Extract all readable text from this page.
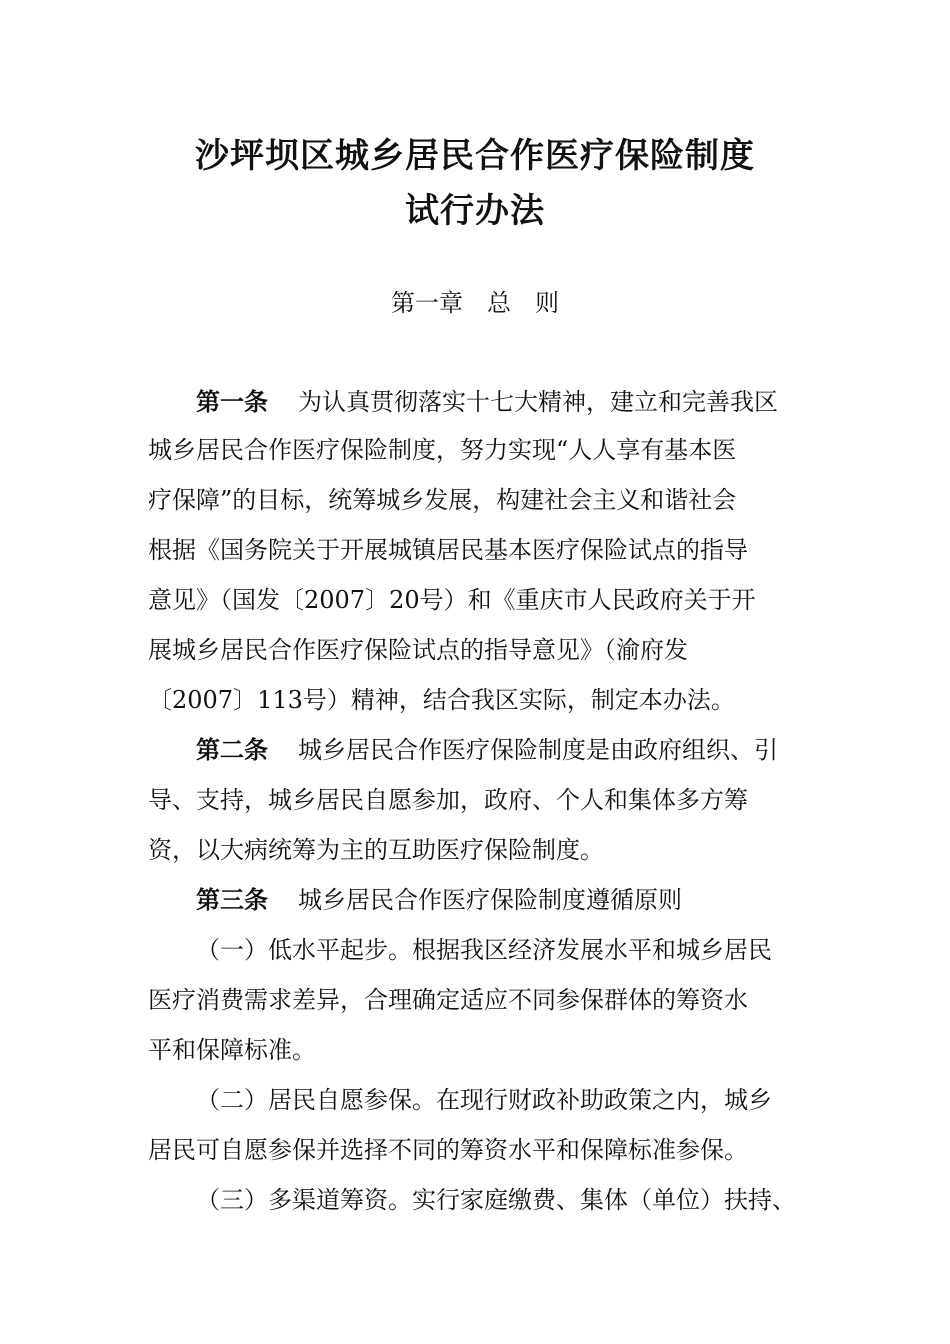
沙坪坝区城乡居民合作医疗保险制度
试行办法
第一章　总　则
第一条 为认真贯彻落实十七大精神，建立和完善我区
城乡居民合作医疗保险制度，努力实现“人人享有基本医
疗保障”的目标，统筹城乡发展，构建社会主义和谐社会
根据《国务院关于开展城镇居民基本医疗保险试点的指导
意见》（国发〔2007〕20号）和《重庆市人民政府关于开
展城乡居民合作医疗保险试点的指导意见》（渝府发
〔2007〕113号）精神，结合我区实际，制定本办法。
第二条 城乡居民合作医疗保险制度是由政府组织、引
导、支持，城乡居民自愿参加，政府、个人和集体多方筹
资，以大病统筹为主的互助医疗保险制度。
第三条 城乡居民合作医疗保险制度遵循原则
（一）低水平起步。根据我区经济发展水平和城乡居民
医疗消费需求差异，合理确定适应不同参保群体的筹资水
平和保障标准。
（二）居民自愿参保。在现行财政补助政策之内，城乡
居民可自愿参保并选择不同的筹资水平和保障标准参保。
（三）多渠道筹资。实行家庭缴费、集体（单位）扶持、
